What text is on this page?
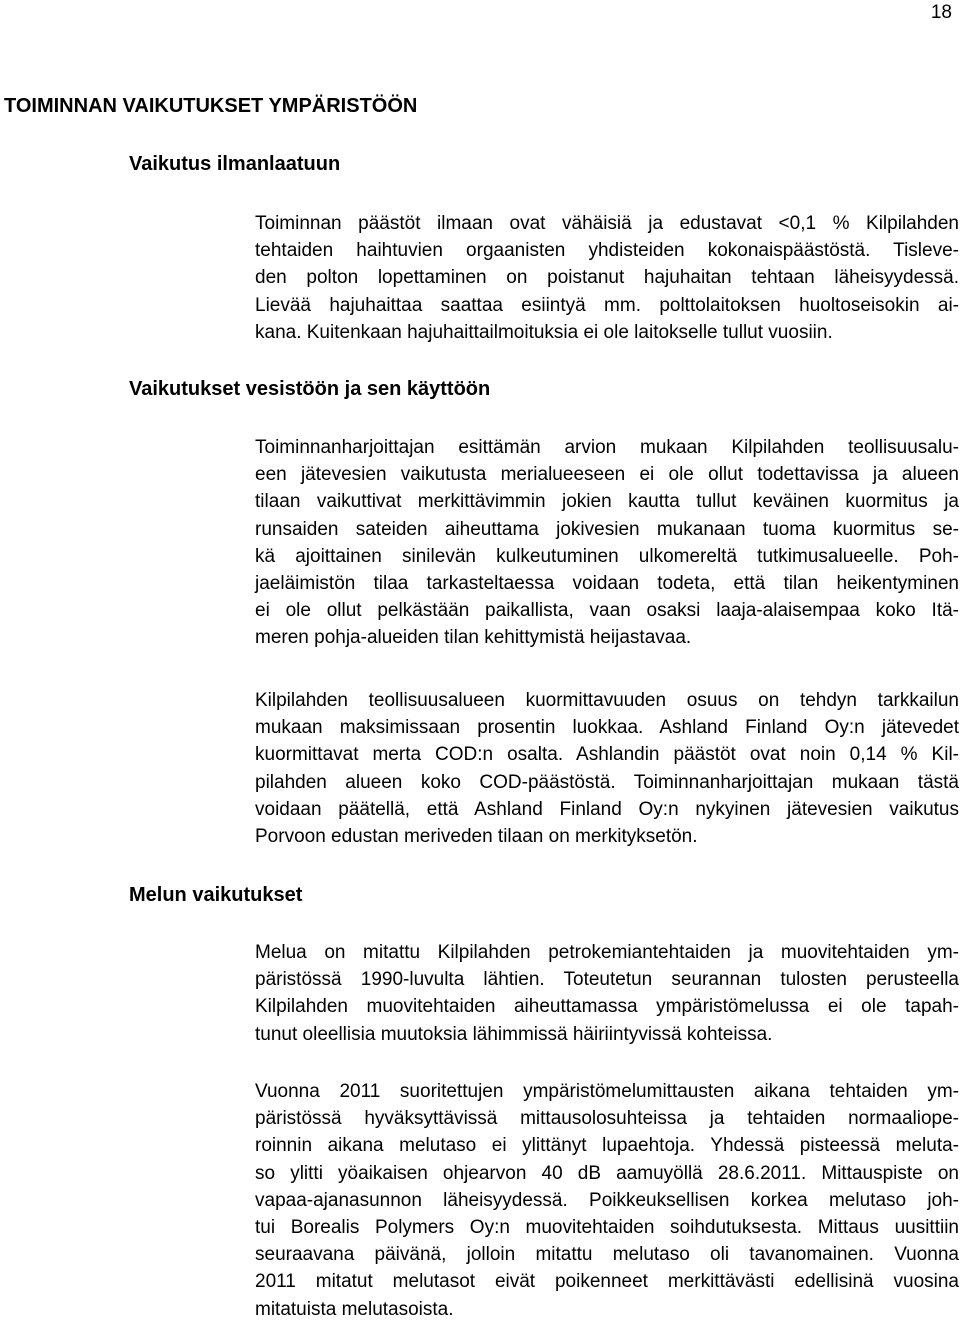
18
TOIMINNAN VAIKUTUKSET YMPÄRISTÖÖN
Vaikutus ilmanlaatuun
Toiminnan päästöt ilmaan ovat vähäisiä ja edustavat <0,1 % Kilpilahden
tehtaiden haihtuvien orgaanisten yhdisteiden kokonaispäästöstä. Tisleve-
den polton lopettaminen on poistanut hajuhaitan tehtaan läheisyydessä.
Lievää hajuhaittaa saattaa esiintyä mm. polttolaitoksen huoltoseisokin ai-
kana. Kuitenkaan hajuhaittailmoituksia ei ole laitokselle tullut vuosiin.
Vaikutukset vesistöön ja sen käyttöön
Toiminnanharjoittajan esittämän arvion mukaan Kilpilahden teollisuusalu-
een jätevesien vaikutusta merialueeseen ei ole ollut todettavissa ja alueen
tilaan vaikuttivat merkittävimmin jokien kautta tullut keväinen kuormitus ja
runsaiden sateiden aiheuttama jokivesien mukanaan tuoma kuormitus se-
kä ajoittainen sinilevän kulkeutuminen ulkomereltä tutkimusalueelle. Poh-
jaeläimistön tilaa tarkasteltaessa voidaan todeta, että tilan heikentyminen
ei ole ollut pelkästään paikallista, vaan osaksi laaja-alaisempaa koko Itä-
meren pohja-alueiden tilan kehittymistä heijastavaa.
Kilpilahden teollisuusalueen kuormittavuuden osuus on tehdyn tarkkailun
mukaan maksimissaan prosentin luokkaa. Ashland Finland Oy:n jätevedet
kuormittavat merta COD:n osalta. Ashlandin päästöt ovat noin 0,14 % Kil-
pilahden alueen koko COD-päästöstä. Toiminnanharjoittajan mukaan tästä
voidaan päätellä, että Ashland Finland Oy:n nykyinen jätevesien vaikutus
Porvoon edustan meriveden tilaan on merkityksetön.
Melun vaikutukset
Melua on mitattu Kilpilahden petrokemiantehtaiden ja muovitehtaiden ym-
päristössä 1990-luvulta lähtien. Toteutetun seurannan tulosten perusteella
Kilpilahden muovitehtaiden aiheuttamassa ympäristömelussa ei ole tapah-
tunut oleellisia muutoksia lähimmissä häiriintyvissä kohteissa.
Vuonna 2011 suoritettujen ympäristömelumittausten aikana tehtaiden ym-
päristössä hyväksyttävissä mittausolosuhteissa ja tehtaiden normaaliope-
roinnin aikana melutaso ei ylittänyt lupaehtoja. Yhdessä pisteessä meluta-
so ylitti yöaikaisen ohjearvon 40 dB aamuyöllä 28.6.2011. Mittauspiste on
vapaa-ajanasunnon läheisyydessä. Poikkeuksellisen korkea melutaso joh-
tui Borealis Polymers Oy:n muovitehtaiden soihdutuksesta. Mittaus uusittiin
seuraavana päivänä, jolloin mitattu melutaso oli tavanomainen. Vuonna
2011 mitatut melutasot eivät poikenneet merkittävästi edellisinä vuosina
mitatuista melutasoista.
